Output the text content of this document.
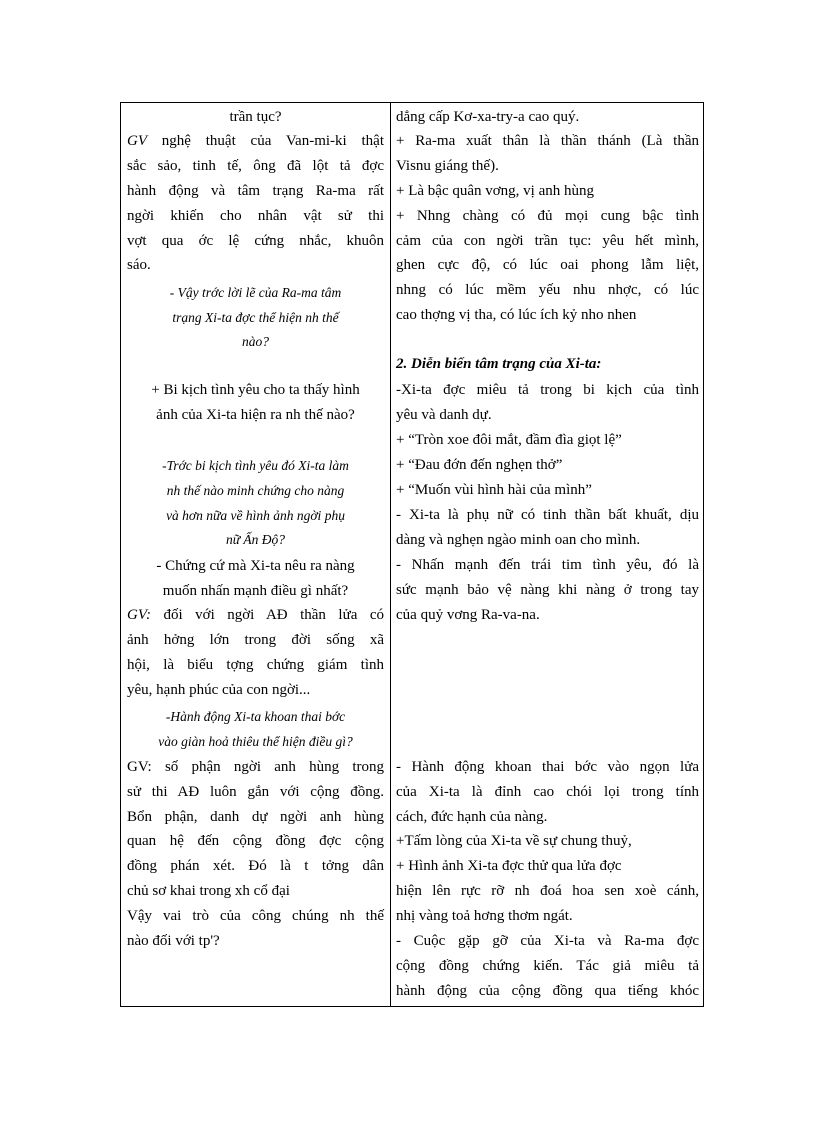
trần tục?
GV nghệ thuật của Van-mi-ki thật
sắc sảo, tinh tế, ông đã lột tả đợc
hành động và tâm trạng Ra-ma rất
ngời khiến cho nhân vật sử thi
vợt qua ớc lệ cứng nhắc, khuôn
sáo.
- Vậy trớc lời lẽ của Ra-ma tâm
trạng Xi-ta đợc thể hiện nh thế
nào?
+ Bi kịch tình yêu cho ta thấy hình
ảnh của Xi-ta hiện ra nh thế nào?
-Trớc bi kịch tình yêu đó Xi-ta làm
nh thế nào minh chứng cho nàng
và hơn nữa về hình ảnh ngời phụ
nữ Ấn Độ?
- Chứng cứ mà Xi-ta nêu ra nàng
muốn nhấn mạnh điều gì nhất?
GV: đối với ngời AĐ thần lửa có
ảnh hởng lớn trong đời sống xã
hội, là biểu tợng chứng giám tình
yêu, hạnh phúc của con ngời...
-Hành động Xi-ta khoan thai bớc
vào giàn hoả thiêu thể hiện điều gì?
GV: số phận ngời anh hùng trong
sử thi AĐ luôn gắn với cộng đồng.
Bổn phận, danh dự ngời anh hùng
quan hệ đến cộng đồng đợc cộng
đồng phán xét. Đó là t tởng dân
chủ sơ khai trong xh cổ đại
Vậy vai trò của công chúng nh thế
nào đối với tp'?
dẳng cấp Kơ-xa-try-a cao quý.
+ Ra-ma xuất thân là thần thánh (Là thần
Visnu giáng thế).
+ Là bậc quân vơng, vị anh hùng
+ Nhng chàng có đủ mọi cung bậc tình
cảm của con ngời trần tục: yêu hết mình,
ghen cực độ, có lúc oai phong lẫm liệt,
nhng có lúc mềm yếu nhu nhợc, có lúc
cao thợng vị tha, có lúc ích kỷ nho nhen
2. Diễn biến tâm trạng của Xi-ta:
-Xi-ta đợc miêu tả trong bi kịch của tình
yêu và danh dự.
+ “Tròn xoe đôi mắt, đầm đìa giọt lệ”
+ “Đau đớn đến nghẹn thở”
+ “Muốn vùi hình hài của mình”
- Xi-ta là phụ nữ có tinh thần bất khuất, dịu
dàng và nghẹn ngào minh oan cho mình.
- Nhấn mạnh đến trái tim tình yêu, đó là
sức mạnh bảo vệ nàng khi nàng ở trong tay
của quỷ vơng Ra-va-na.
- Hành động khoan thai bớc vào ngọn lửa
của Xi-ta là đỉnh cao chói lọi trong tính
cách, đức hạnh của nàng.
+Tấm lòng của Xi-ta về sự chung thuỷ,
+ Hình ảnh Xi-ta đợc thử qua lửa đợc
hiện lên rực rỡ nh đoá hoa sen xoè cánh,
nhị vàng toả hơng thơm ngát.
- Cuộc gặp gỡ của Xi-ta và Ra-ma đợc
cộng đồng chứng kiến. Tác giả miêu tả
hành động của cộng đồng qua tiếng khóc
